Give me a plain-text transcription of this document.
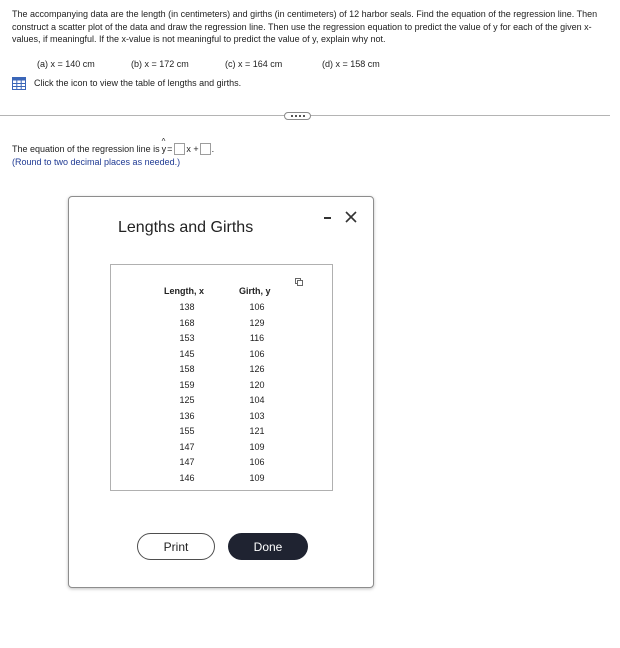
The accompanying data are the length (in centimeters) and girths (in centimeters) of 12 harbor seals. Find the equation of the regression line. Then construct a scatter plot of the data and draw the regression line. Then use the regression equation to predict the value of y for each of the given x-values, if meaningful. If the x-value is not meaningful to predict the value of y, explain why not.

(a) x = 140 cm	(b) x = 172 cm	(c) x = 164 cm	(d) x = 158 cm
Click the icon to view the table of lengths and girths.
The equation of the regression line is
^ y = x + .
(Round to two decimal places as needed.)
Lengths and Girths
Length, x	Girth, y
138
168
153
145
158
159
125
136
155
147
147
146
106
129
116
106
126
120
104
103
121
109
106
109
Print	Done
